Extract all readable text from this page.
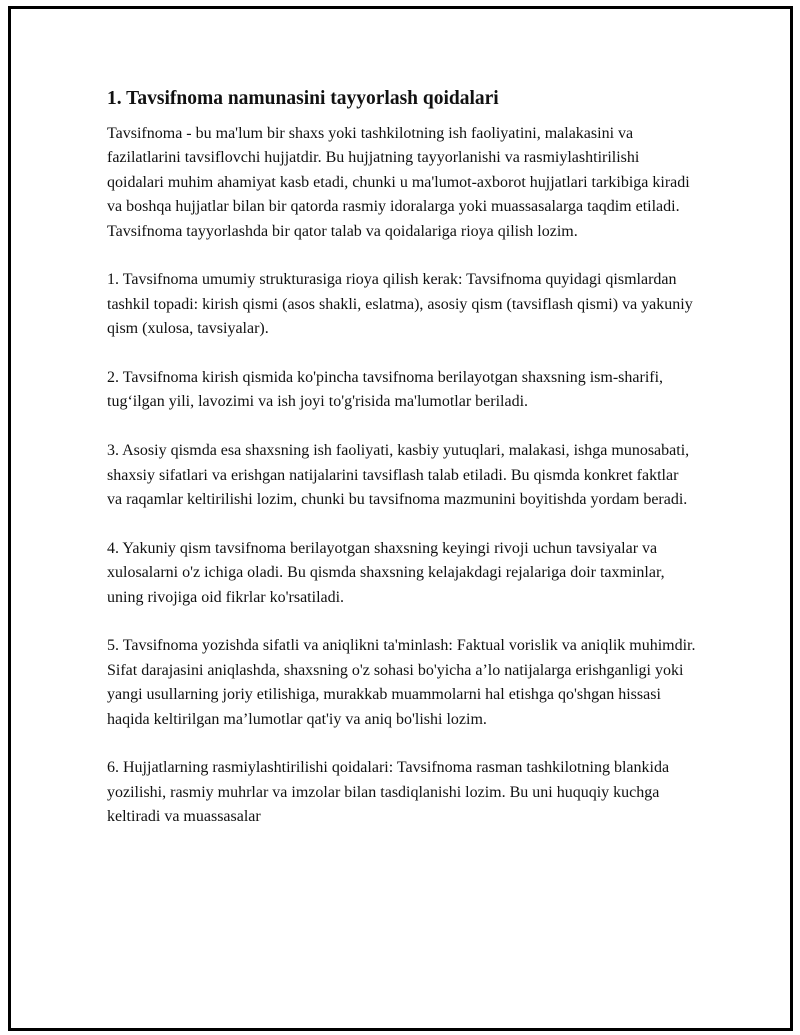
1. Tavsifnoma namunasini tayyorlash qoidalari

Tavsifnoma - bu ma'lum bir shaxs yoki tashkilotning ish faoliyatini, malakasini va fazilatlarini tavsiflovchi hujjatdir. Bu hujjatning tayyorlanishi va rasmiylashtirilishi qoidalari muhim ahamiyat kasb etadi, chunki u ma'lumot-axborot hujjatlari tarkibiga kiradi va boshqa hujjatlar bilan bir qatorda rasmiy idoralarga yoki muassasalarga taqdim etiladi. Tavsifnoma tayyorlashda bir qator talab va qoidalariga rioya qilish lozim.

1. Tavsifnoma umumiy strukturasiga rioya qilish kerak: Tavsifnoma quyidagi qismlardan tashkil topadi: kirish qismi (asos shakli, eslatma), asosiy qism (tavsiflash qismi) va yakuniy qism (xulosa, tavsiyalar).

2. Tavsifnoma kirish qismida ko'pincha tavsifnoma berilayotgan shaxsning ism-sharifi, tug‘ilgan yili, lavozimi va ish joyi to'g'risida ma'lumotlar beriladi.

3. Asosiy qismda esa shaxsning ish faoliyati, kasbiy yutuqlari, malakasi, ishga munosabati, shaxsiy sifatlari va erishgan natijalarini tavsiflash talab etiladi. Bu qismda konkret faktlar va raqamlar keltirilishi lozim, chunki bu tavsifnoma mazmunini boyitishda yordam beradi.

4. Yakuniy qism tavsifnoma berilayotgan shaxsning keyingi rivoji uchun tavsiyalar va xulosalarni o'z ichiga oladi. Bu qismda shaxsning kelajakdagi rejalariga doir taxminlar, uning rivojiga oid fikrlar ko'rsatiladi.

5. Tavsifnoma yozishda sifatli va aniqlikni ta'minlash: Faktual vorislik va aniqlik muhimdir. Sifat darajasini aniqlashda, shaxsning o'z sohasi bo'yicha a’lo natijalarga erishganligi yoki yangi usullarning joriy etilishiga, murakkab muammolarni hal etishga qo'shgan hissasi haqida keltirilgan ma’lumotlar qat'iy va aniq bo'lishi lozim.

6. Hujjatlarning rasmiylashtirilishi qoidalari: Tavsifnoma rasman tashkilotning blankida yozilishi, rasmiy muhrlar va imzolar bilan tasdiqlanishi lozim. Bu uni huquqiy kuchga keltiradi va muassasalar
